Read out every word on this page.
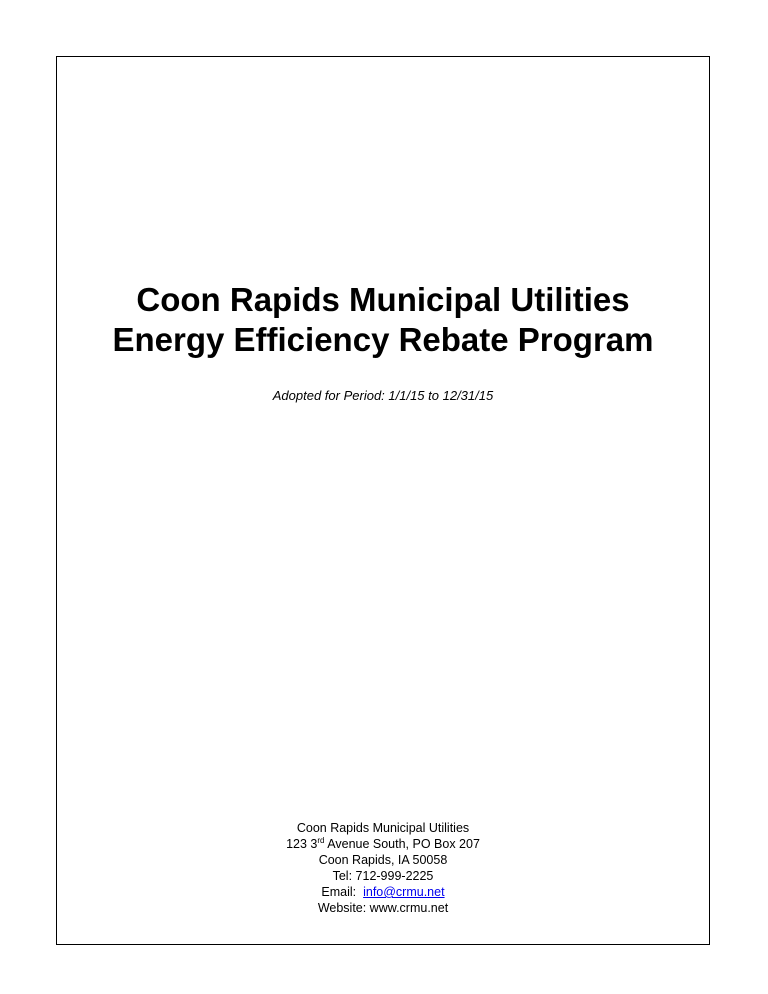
Coon Rapids Municipal Utilities

Energy Efficiency Rebate Program

Adopted for Period: 1/1/15 to 12/31/15

Coon Rapids Municipal Utilities

123 3rd Avenue South, PO Box 207

Coon Rapids, IA 50058

Tel: 712-999-2225

Email:  info@crmu.net

Website: www.crmu.net
